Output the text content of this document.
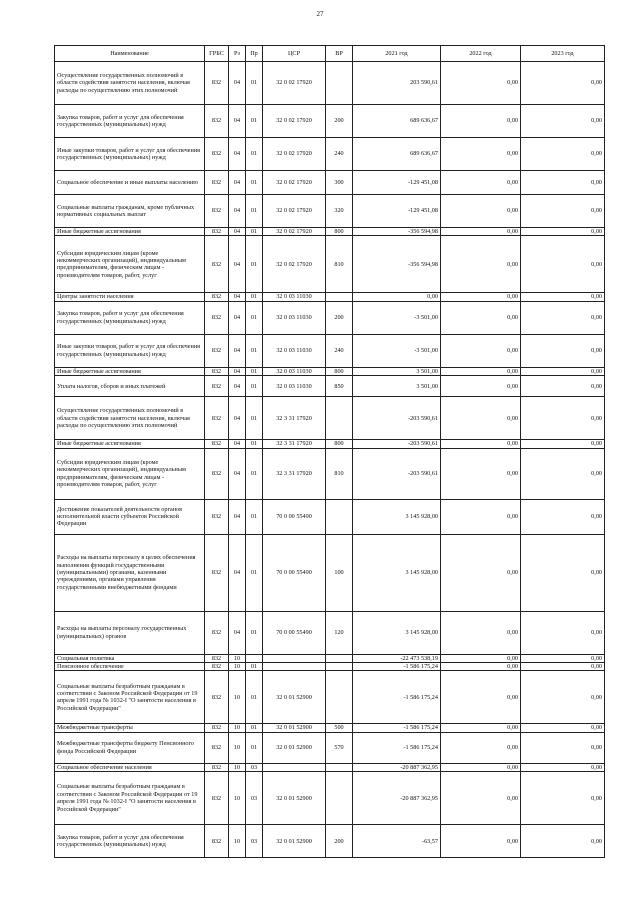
27
Наименование	ГРБС	Рз	Пр	ЦСР	ВР	2021 год	2022 год	2023 год
Осуществление государственных полномочий в области содействия занятости населения, включая расходы по осуществлению этих полномочий	832	04	01	32 0 02 17920		203 590,61	0,00	0,00
Закупка товаров, работ и услуг для обеспечения государственных (муниципальных) нужд	832	04	01	32 0 02 17920	200	689 636,67	0,00	0,00
Иные закупки товаров, работ и услуг для обеспечения государственных (муниципальных) нужд	832	04	01	32 0 02 17920	240	689 636,67	0,00	0,00
Социальное обеспечение и иные выплаты населению	832	04	01	32 0 02 17920	300	-129 451,08	0,00	0,00
Социальные выплаты гражданам, кроме публичных нормативных социальных выплат	832	04	01	32 0 02 17920	320	-129 451,08	0,00	0,00
Иные бюджетные ассигнования	832	04	01	32 0 02 17920	800	-356 594,98	0,00	0,00
Субсидии юридическим лицам (кроме некоммерческих организаций), индивидуальным предпринимателям, физическим лицам - производителям товаров, работ, услуг	832	04	01	32 0 02 17920	810	-356 594,98	0,00	0,00
Центры занятости населения	832	04	01	32 0 03 11030		0,00	0,00	0,00
Закупка товаров, работ и услуг для обеспечения государственных (муниципальных) нужд	832	04	01	32 0 03 11030	200	-3 501,00	0,00	0,00
Иные закупки товаров, работ и услуг для обеспечения государственных (муниципальных) нужд	832	04	01	32 0 03 11030	240	-3 501,00	0,00	0,00
Иные бюджетные ассигнования	832	04	01	32 0 03 11030	800	3 501,00	0,00	0,00
Уплата налогов, сборов и иных платежей	832	04	01	32 0 03 11030	850	3 501,00	0,00	0,00
Осуществление государственных полномочий в области содействия занятости населения, включая расходы по осуществлению этих полномочий	832	04	01	32 3 31 17920		-203 590,61	0,00	0,00
Иные бюджетные ассигнования	832	04	01	32 3 31 17920	800	-203 590,61	0,00	0,00
Субсидии юридическим лицам (кроме некоммерческих организаций), индивидуальным предпринимателям, физическим лицам - производителям товаров, работ, услуг	832	04	01	32 3 31 17920	810	-203 590,61	0,00	0,00
Достижение показателей деятельности органов исполнительной власти субъектов Российской Федерации	832	04	01	70 0 00 55490		3 145 928,00	0,00	0,00
Расходы на выплаты персоналу в целях обеспечения выполнения функций государственными (муниципальными) органами, казенными учреждениями, органами управления государственными внебюджетными фондами	832	04	01	70 0 00 55490	100	3 145 928,00	0,00	0,00
Расходы на выплаты персоналу государственных (муниципальных) органов	832	04	01	70 0 00 55490	120	3 145 928,00	0,00	0,00
Социальная политика	832	10				-22 473 538,19	0,00	0,00
Пенсионное обеспечение	832	10	01			-1 586 175,24	0,00	0,00
Социальные выплаты безработным гражданам в соответствии с Законом Российской Федерации от 19 апреля 1991 года № 1032-I "О занятости населения в Российской Федерации"	832	10	01	32 0 01 52900		-1 586 175,24	0,00	0,00
Межбюджетные трансферты	832	10	01	32 0 01 52900	500	-1 586 175,24	0,00	0,00
Межбюджетные трансферты бюджету Пенсионного фонда Российской Федерации	832	10	01	32 0 01 52900	570	-1 586 175,24	0,00	0,00
Социальное обеспечение населения	832	10	03			-20 887 362,95	0,00	0,00
Социальные выплаты безработным гражданам в соответствии с Законом Российской Федерации от 19 апреля 1991 года № 1032-I "О занятости населения в Российской Федерации"	832	10	03	32 0 01 52900		-20 887 362,95	0,00	0,00
Закупка товаров, работ и услуг для обеспечения государственных (муниципальных) нужд	832	10	03	32 0 01 52900	200	-63,57	0,00	0,00
